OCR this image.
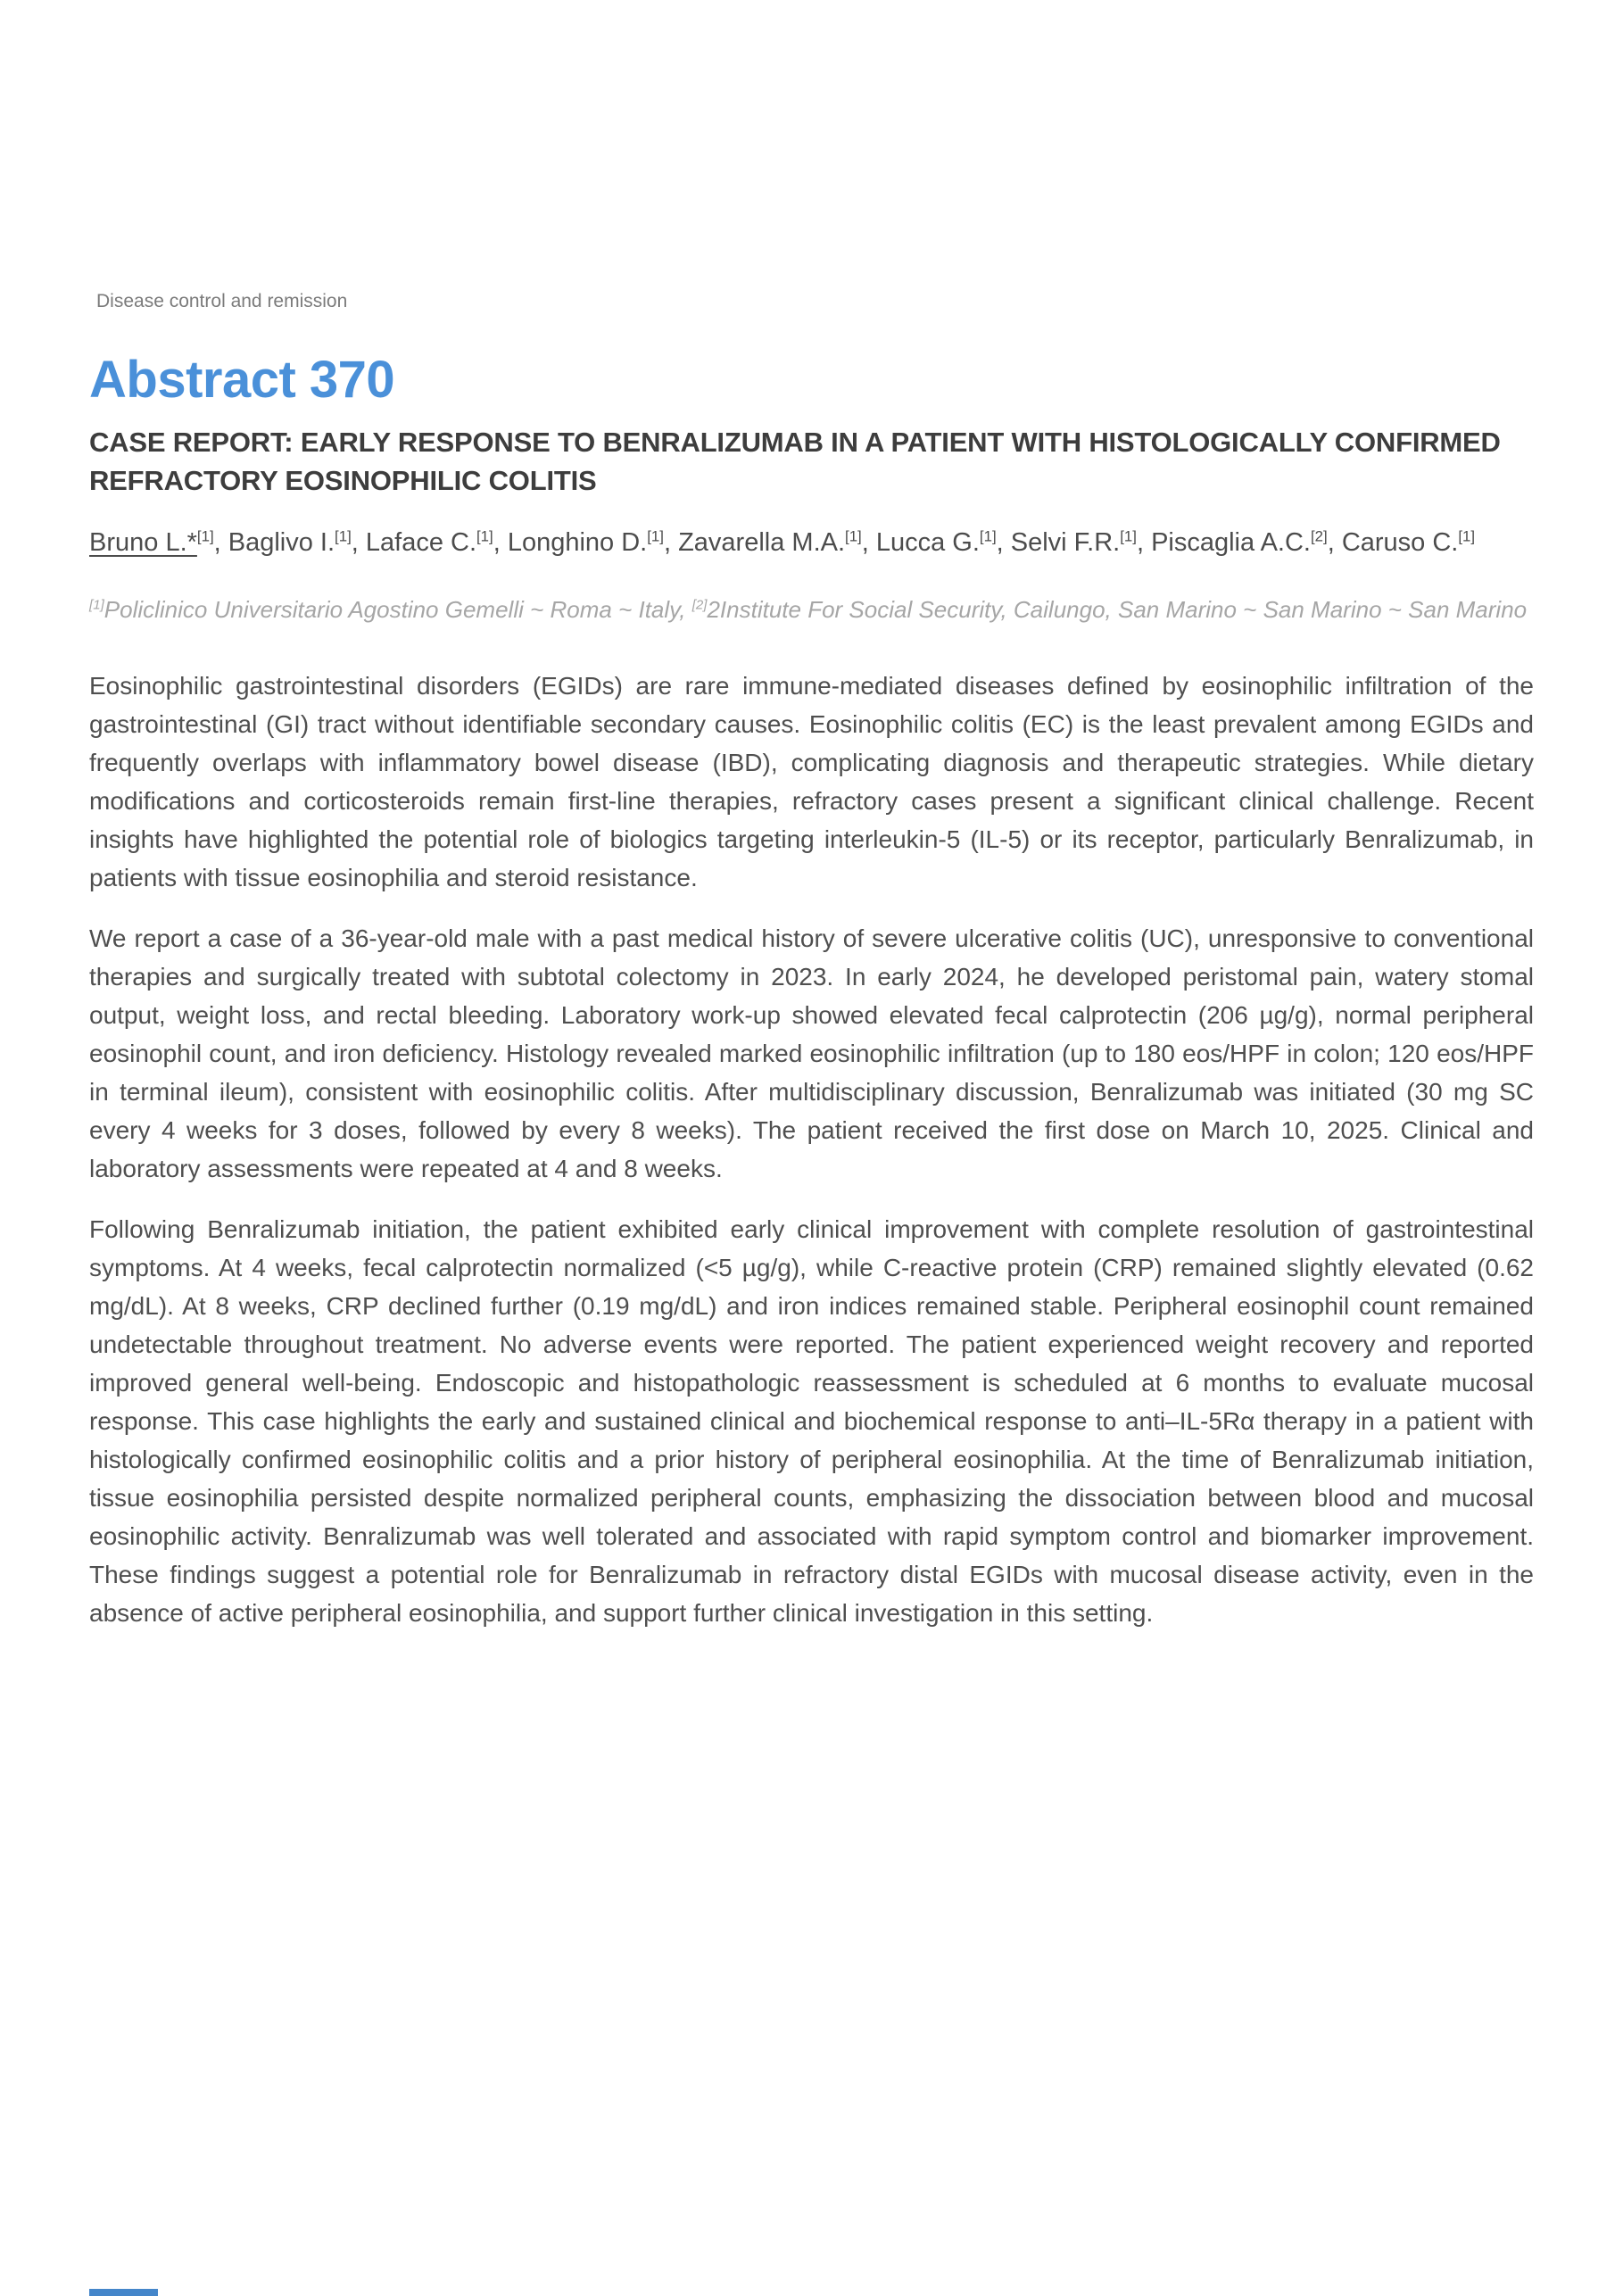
Disease control and remission
Abstract 370
CASE REPORT: EARLY RESPONSE TO BENRALIZUMAB IN A PATIENT WITH HISTOLOGICALLY CONFIRMED REFRACTORY EOSINOPHILIC COLITIS
Bruno L.*[1], Baglivo I.[1], Laface C.[1], Longhino D.[1], Zavarella M.A.[1], Lucca G.[1], Selvi F.R.[1], Piscaglia A.C.[2], Caruso C.[1]
[1]Policlinico Universitario Agostino Gemelli ~ Roma ~ Italy, [2]2Institute For Social Security, Cailungo, San Marino ~ San Marino ~ San Marino

Eosinophilic gastrointestinal disorders (EGIDs) are rare immune-mediated diseases defined by eosinophilic infiltration of the gastrointestinal (GI) tract without identifiable secondary causes. Eosinophilic colitis (EC) is the least prevalent among EGIDs and frequently overlaps with inflammatory bowel disease (IBD), complicating diagnosis and therapeutic strategies. While dietary modifications and corticosteroids remain first-line therapies, refractory cases present a significant clinical challenge. Recent insights have highlighted the potential role of biologics targeting interleukin-5 (IL-5) or its receptor, particularly Benralizumab, in patients with tissue eosinophilia and steroid resistance.

We report a case of a 36-year-old male with a past medical history of severe ulcerative colitis (UC), unresponsive to conventional therapies and surgically treated with subtotal colectomy in 2023. In early 2024, he developed peristomal pain, watery stomal output, weight loss, and rectal bleeding. Laboratory work-up showed elevated fecal calprotectin (206 µg/g), normal peripheral eosinophil count, and iron deficiency. Histology revealed marked eosinophilic infiltration (up to 180 eos/HPF in colon; 120 eos/HPF in terminal ileum), consistent with eosinophilic colitis. After multidisciplinary discussion, Benralizumab was initiated (30 mg SC every 4 weeks for 3 doses, followed by every 8 weeks). The patient received the first dose on March 10, 2025. Clinical and laboratory assessments were repeated at 4 and 8 weeks.

Following Benralizumab initiation, the patient exhibited early clinical improvement with complete resolution of gastrointestinal symptoms. At 4 weeks, fecal calprotectin normalized (<5 µg/g), while C-reactive protein (CRP) remained slightly elevated (0.62 mg/dL). At 8 weeks, CRP declined further (0.19 mg/dL) and iron indices remained stable. Peripheral eosinophil count remained undetectable throughout treatment. No adverse events were reported. The patient experienced weight recovery and reported improved general well-being. Endoscopic and histopathologic reassessment is scheduled at 6 months to evaluate mucosal response. This case highlights the early and sustained clinical and biochemical response to anti–IL-5Rα therapy in a patient with histologically confirmed eosinophilic colitis and a prior history of peripheral eosinophilia. At the time of Benralizumab initiation, tissue eosinophilia persisted despite normalized peripheral counts, emphasizing the dissociation between blood and mucosal eosinophilic activity. Benralizumab was well tolerated and associated with rapid symptom control and biomarker improvement. These findings suggest a potential role for Benralizumab in refractory distal EGIDs with mucosal disease activity, even in the absence of active peripheral eosinophilia, and support further clinical investigation in this setting.
